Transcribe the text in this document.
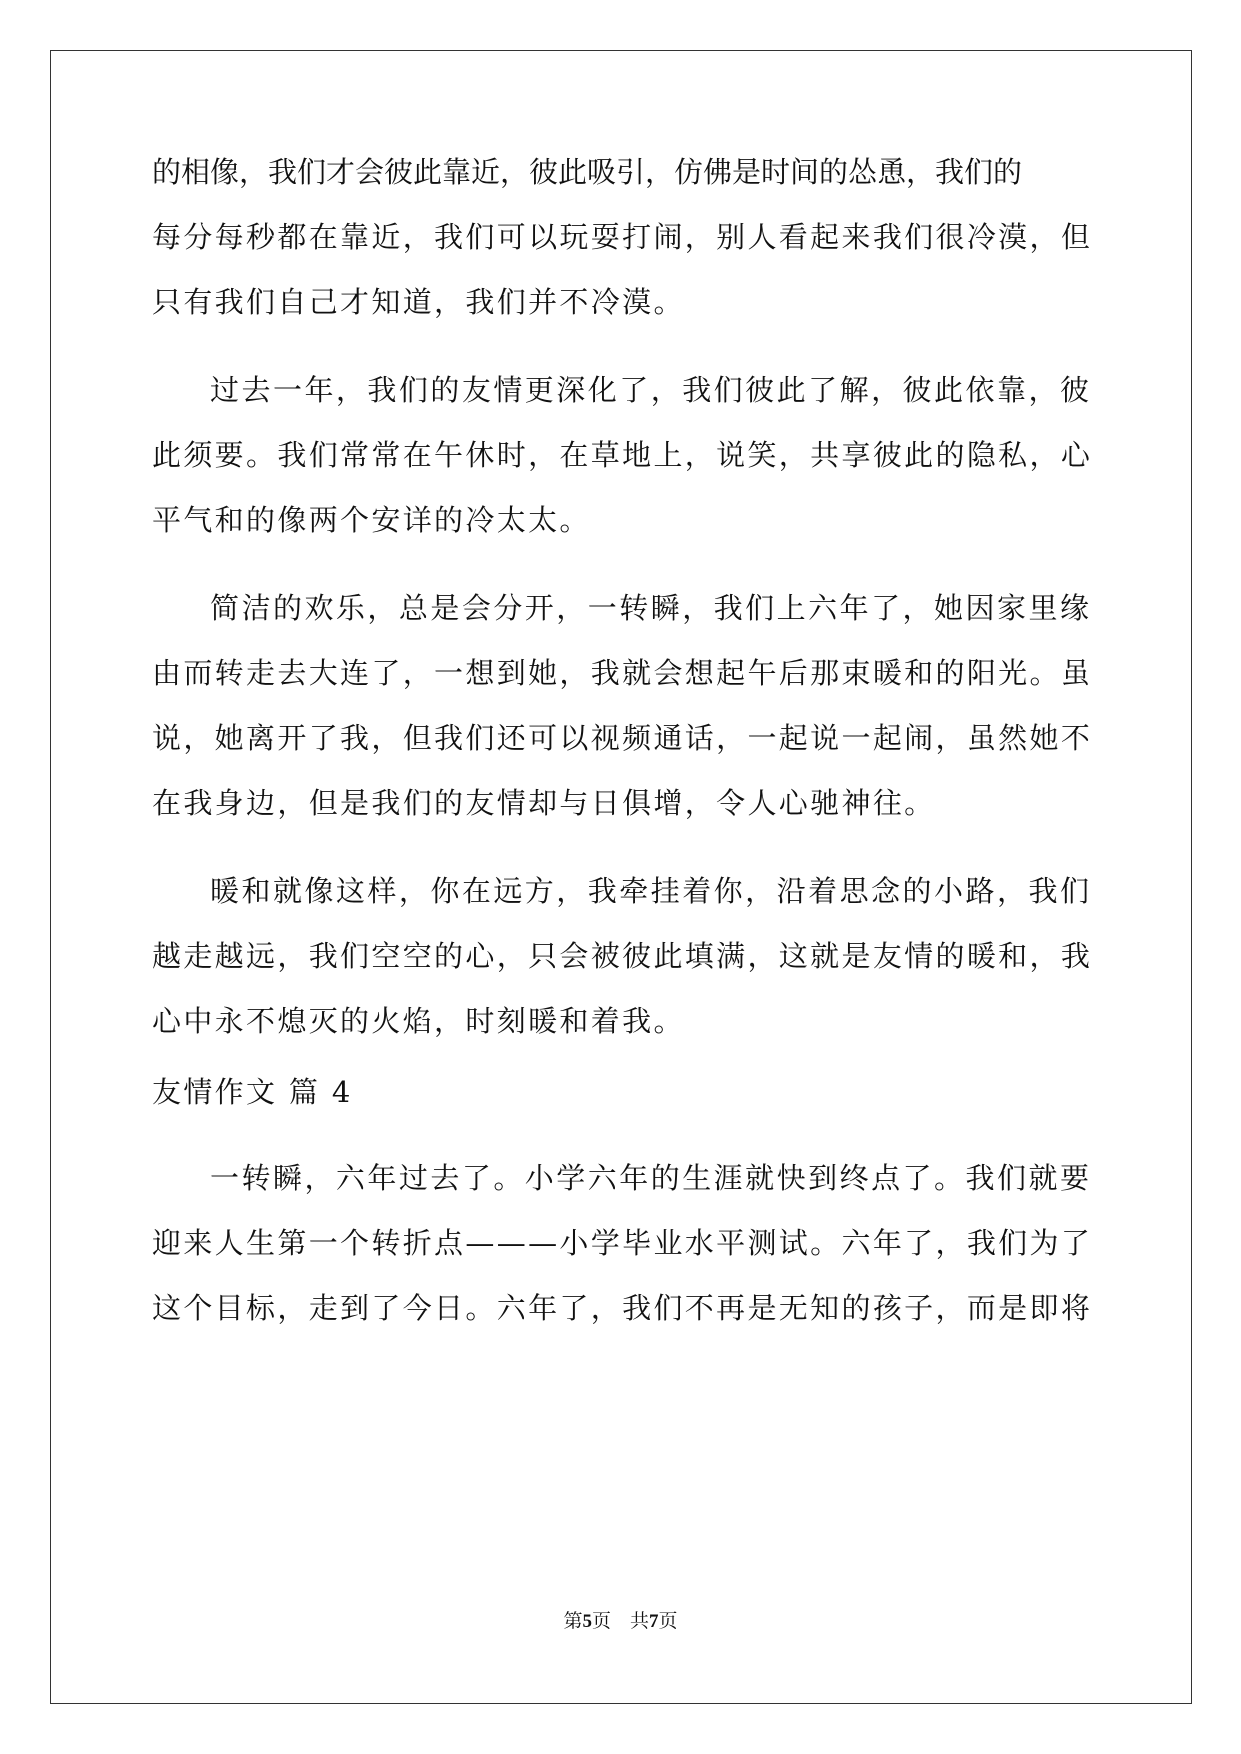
的相像，我们才会彼此靠近，彼此吸引，仿佛是时间的怂恿，我们的
每分每秒都在靠近，我们可以玩耍打闹，别人看起来我们很冷漠，但
只有我们自己才知道，我们并不冷漠。
过去一年，我们的友情更深化了，我们彼此了解，彼此依靠，彼
此须要。我们常常在午休时，在草地上，说笑，共享彼此的隐私，心
平气和的像两个安详的冷太太。
简洁的欢乐，总是会分开，一转瞬，我们上六年了，她因家里缘
由而转走去大连了，一想到她，我就会想起午后那束暖和的阳光。虽
说，她离开了我，但我们还可以视频通话，一起说一起闹，虽然她不
在我身边，但是我们的友情却与日俱增，令人心驰神往。
暖和就像这样，你在远方，我牵挂着你，沿着思念的小路，我们
越走越远，我们空空的心，只会被彼此填满，这就是友情的暖和，我
心中永不熄灭的火焰，时刻暖和着我。
友情作文 篇 4
一转瞬，六年过去了。小学六年的生涯就快到终点了。我们就要
迎来人生第一个转折点———小学毕业水平测试。六年了，我们为了
这个目标，走到了今日。六年了，我们不再是无知的孩子，而是即将
第5页　共7页
